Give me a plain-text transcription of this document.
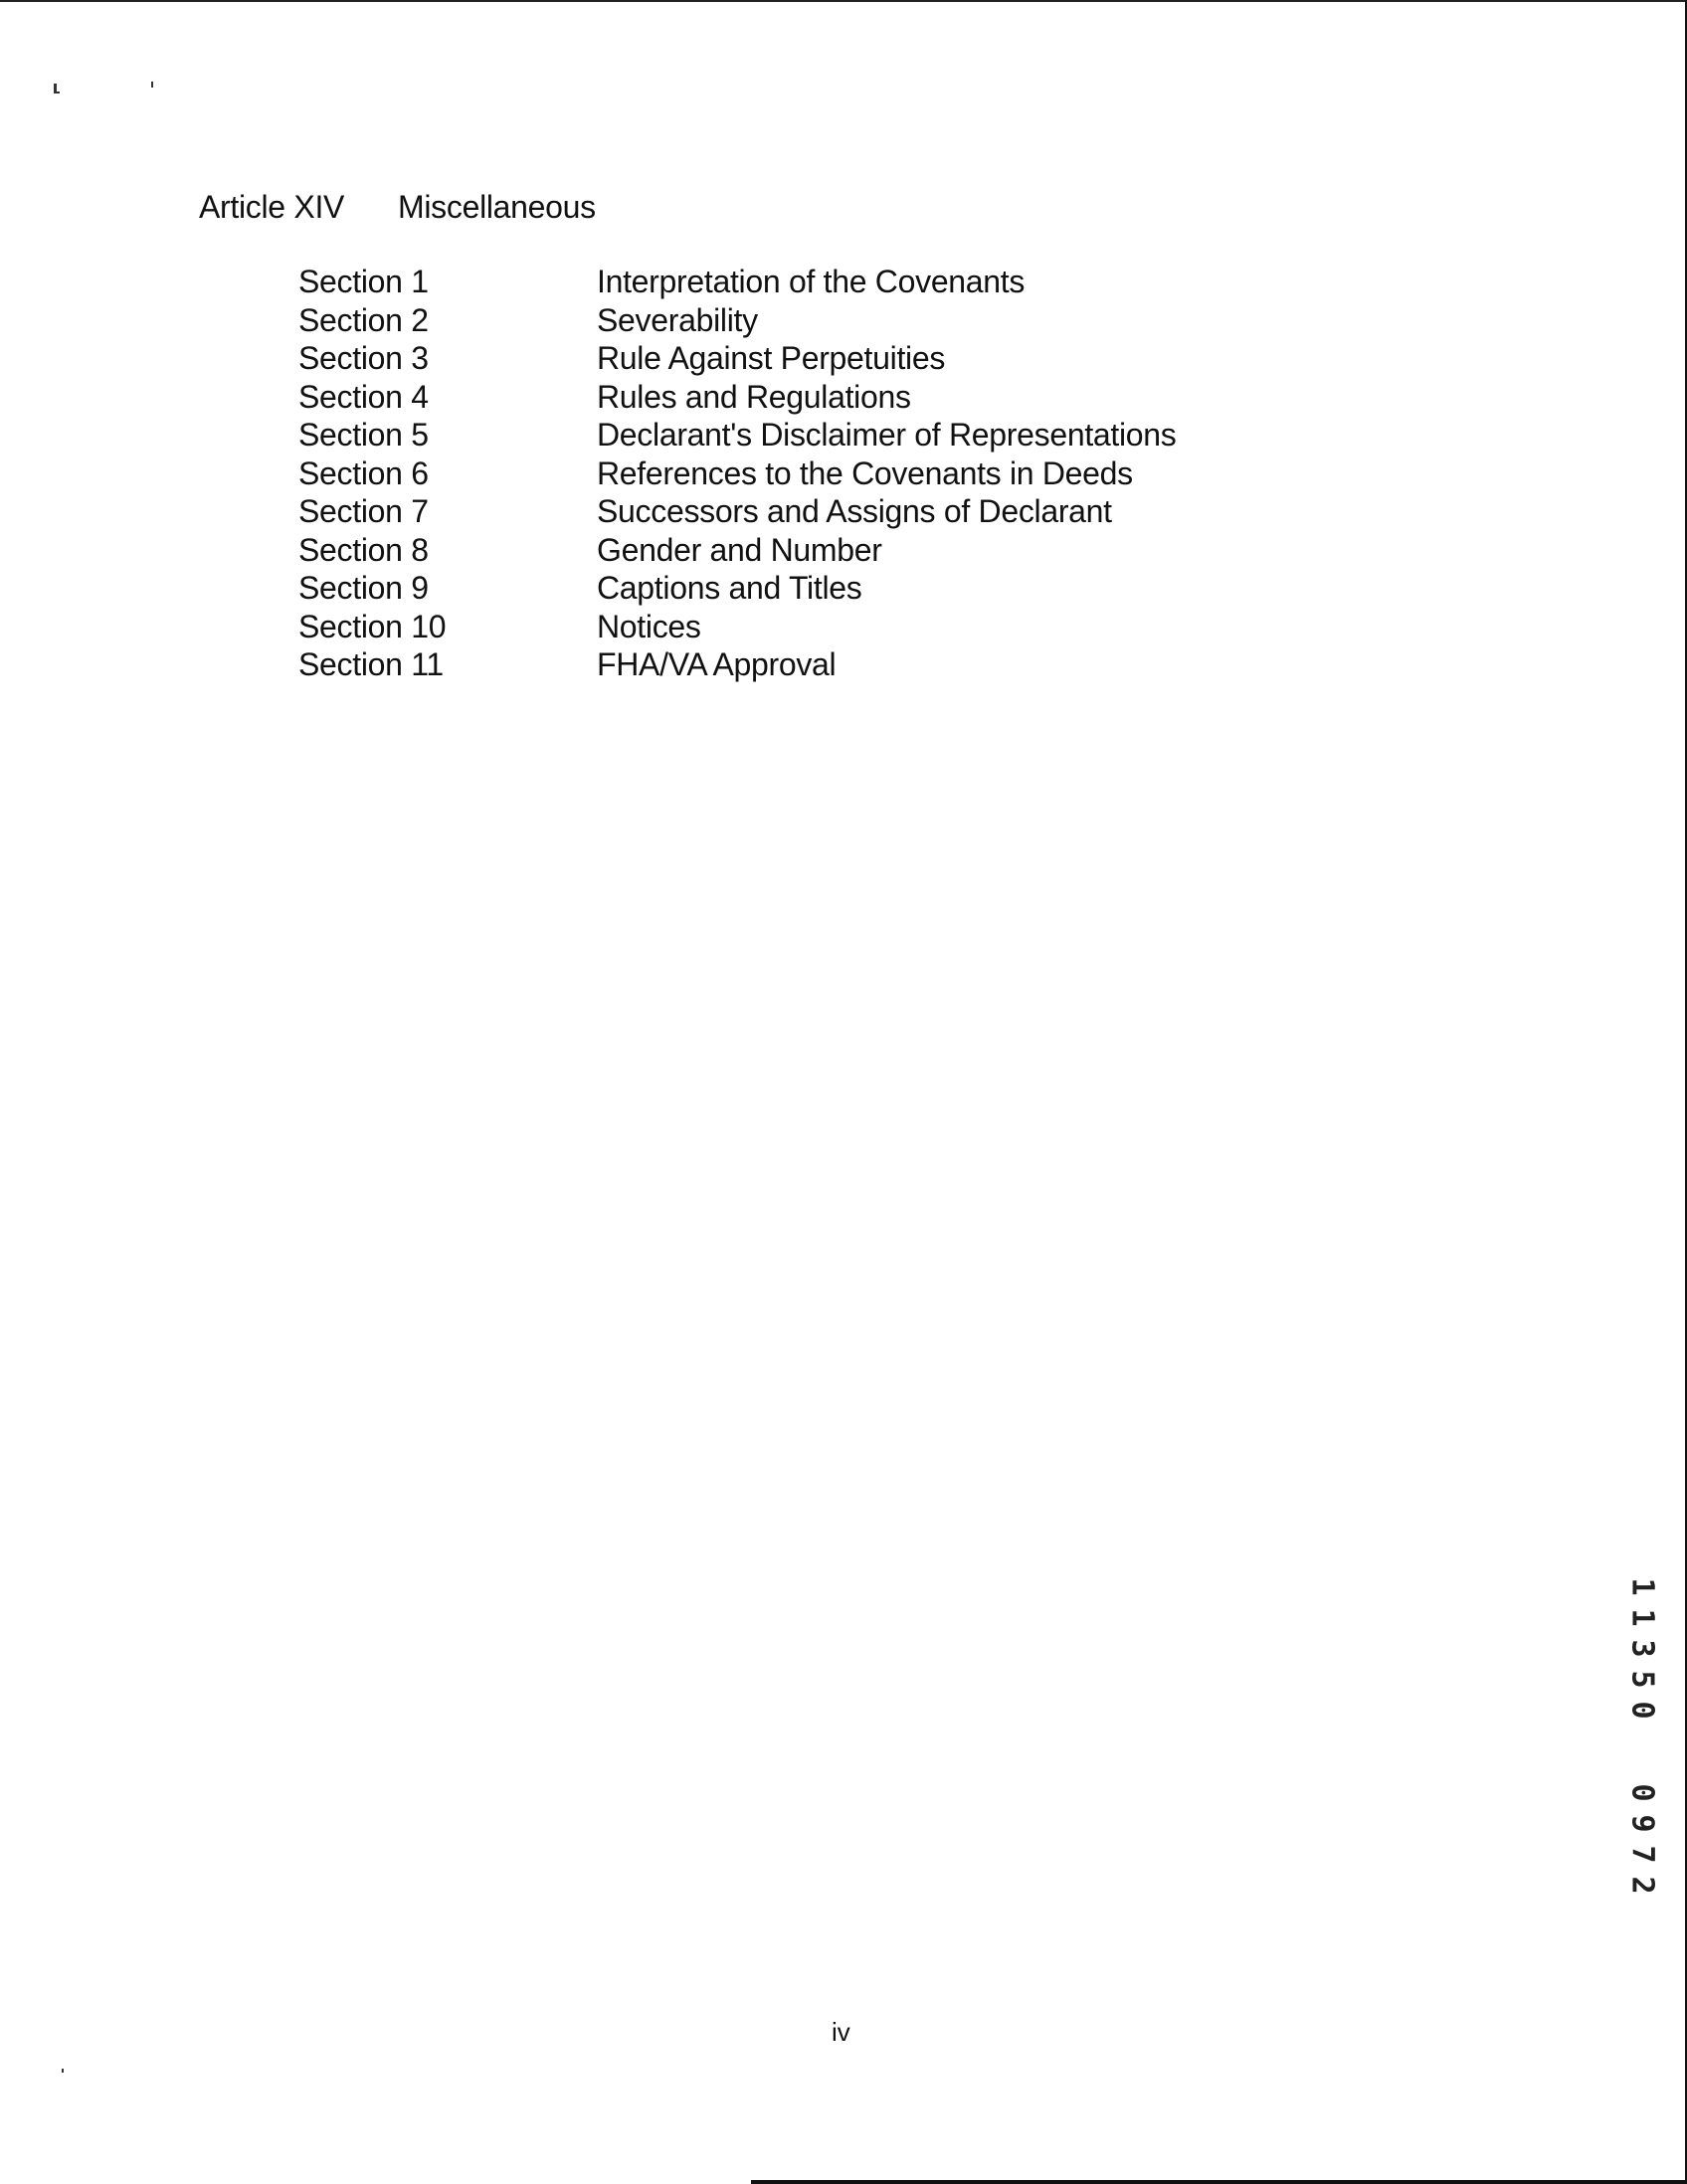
Article XIV Miscellaneous
Section 1	Interpretation of the Covenants
Section 2	Severability
Section 3	Rule Against Perpetuities
Section 4	Rules and Regulations
Section 5	Declarant's Disclaimer of Representations
Section 6	References to the Covenants in Deeds
Section 7	Successors and Assigns of Declarant
Section 8	Gender and Number
Section 9	Captions and Titles
Section 10	Notices
Section 11	FHA/VA Approval
1
1
3
5
0
0
9
7
2
iv
